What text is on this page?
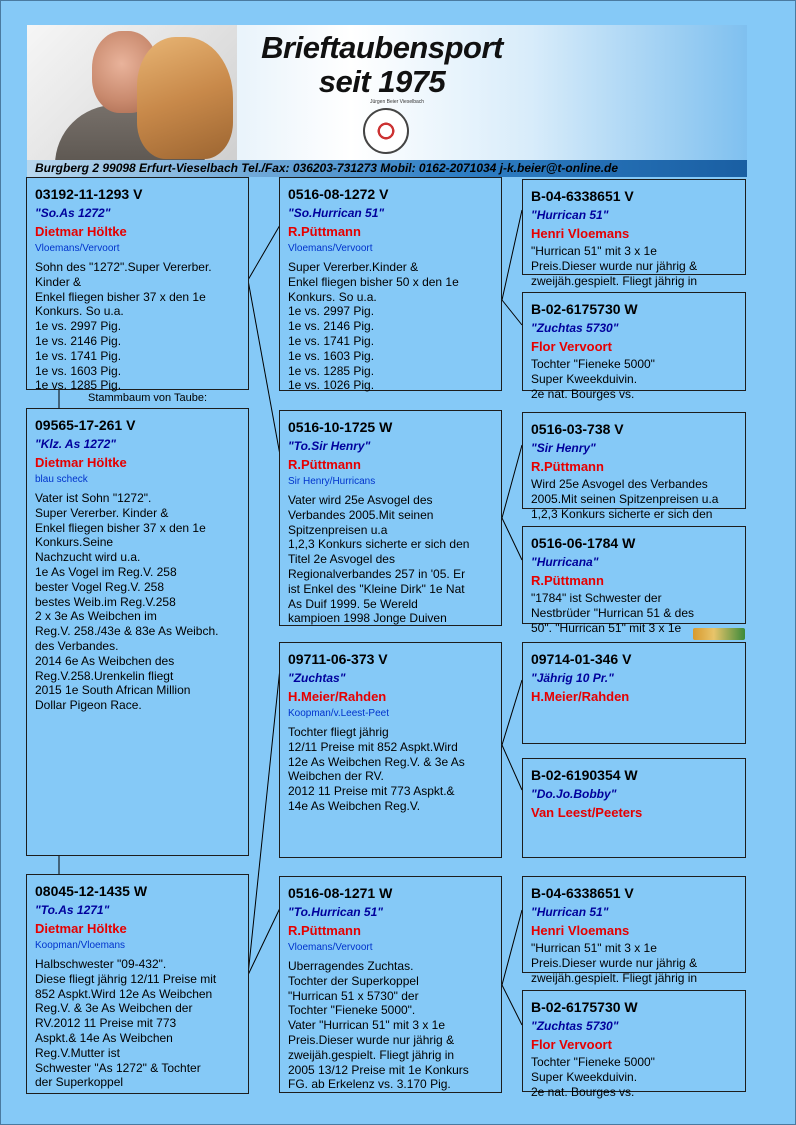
Brieftaubensport
seit 1975
Jürgen Beier Vieselbach
Burgberg 2 99098 Erfurt-Vieselbach Tel./Fax: 036203-731273 Mobil: 0162-2071034 j-k.beier@t-online.de
Stammbaum von Taube:
03192-11-1293 V
"So.As 1272"
Dietmar Höltke
Vloemans/Vervoort
Sohn des "1272".Super Vererber. Kinder &
Enkel fliegen bisher 37 x den 1e
Konkurs. So u.a.
1e vs. 2997 Pig.
1e vs. 2146 Pig.
1e vs. 1741 Pig.
1e vs. 1603 Pig.
1e vs. 1285 Pig.
09565-17-261 V
"Klz. As 1272"
Dietmar Höltke
blau scheck
Vater ist Sohn "1272".
Super Vererber. Kinder &
Enkel fliegen bisher 37 x den 1e
Konkurs.Seine
Nachzucht wird u.a.
1e As Vogel im Reg.V. 258
bester Vogel Reg.V. 258
bestes Weib.im Reg.V.258
2 x 3e As Weibchen im
Reg.V. 258./43e & 83e As Weibch.
des Verbandes.
2014 6e As Weibchen des
Reg.V.258.Urenkelin fliegt
2015 1e South African Million
Dollar Pigeon Race.
08045-12-1435 W
"To.As 1271"
Dietmar Höltke
Koopman/Vloemans
Halbschwester "09-432".
Diese fliegt jährig 12/11 Preise mit
852 Aspkt.Wird 12e As Weibchen
Reg.V. & 3e As Weibchen der
RV.2012 11 Preise mit 773
Aspkt.& 14e As Weibchen
Reg.V.Mutter ist
Schwester "As 1272" & Tochter
der Superkoppel
0516-08-1272 V
"So.Hurrican 51"
R.Püttmann
Vloemans/Vervoort
Super Vererber.Kinder &
Enkel fliegen bisher 50 x den 1e
Konkurs. So u.a.
1e vs. 2997 Pig.
1e vs. 2146 Pig.
1e vs. 1741 Pig.
1e vs. 1603 Pig.
1e vs. 1285 Pig.
1e vs. 1026 Pig.
0516-10-1725 W
"To.Sir Henry"
R.Püttmann
Sir Henry/Hurricans
Vater wird 25e Asvogel des
Verbandes 2005.Mit seinen
Spitzenpreisen u.a
1,2,3 Konkurs sicherte er sich den
Titel 2e Asvogel des
Regionalverbandes 257 in '05. Er
ist Enkel des "Kleine Dirk" 1e Nat
As Duif 1999. 5e Wereld
kampioen 1998 Jonge Duiven
09711-06-373 V
"Zuchtas"
H.Meier/Rahden
Koopman/v.Leest-Peet
Tochter fliegt jährig
12/11 Preise mit 852 Aspkt.Wird
12e As Weibchen Reg.V. & 3e As
Weibchen der RV.
2012 11 Preise mit 773 Aspkt.&
14e As Weibchen Reg.V.
0516-08-1271 W
"To.Hurrican 51"
R.Püttmann
Vloemans/Vervoort
Uberragendes Zuchtas.
Tochter der Superkoppel
"Hurrican 51 x 5730" der
Tochter "Fieneke 5000".
Vater "Hurrican 51" mit 3 x 1e
Preis.Dieser wurde nur jährig &
zweijäh.gespielt. Fliegt jährig in
2005 13/12 Preise mit 1e Konkurs
FG. ab Erkelenz vs. 3.170 Pig.
B-04-6338651 V
"Hurrican 51"
Henri Vloemans
"Hurrican 51" mit 3 x 1e
Preis.Dieser wurde nur jährig &
zweijäh.gespielt. Fliegt jährig in
B-02-6175730 W
"Zuchtas 5730"
Flor Vervoort
Tochter "Fieneke 5000"
Super Kweekduivin.
2e nat. Bourges vs.
0516-03-738 V
"Sir Henry"
R.Püttmann
Wird 25e Asvogel des Verbandes
2005.Mit seinen Spitzenpreisen u.a
1,2,3 Konkurs sicherte er sich den
0516-06-1784 W
"Hurricana"
R.Püttmann
"1784" ist Schwester der
Nestbrüder "Hurrican 51 & des
50". "Hurrican 51" mit 3 x 1e
09714-01-346 V
"Jährig 10 Pr."
H.Meier/Rahden
B-02-6190354 W
"Do.Jo.Bobby"
Van Leest/Peeters
B-04-6338651 V
"Hurrican 51"
Henri Vloemans
"Hurrican 51" mit 3 x 1e
Preis.Dieser wurde nur jährig &
zweijäh.gespielt. Fliegt jährig in
B-02-6175730 W
"Zuchtas 5730"
Flor Vervoort
Tochter "Fieneke 5000"
Super Kweekduivin.
2e nat. Bourges vs.
